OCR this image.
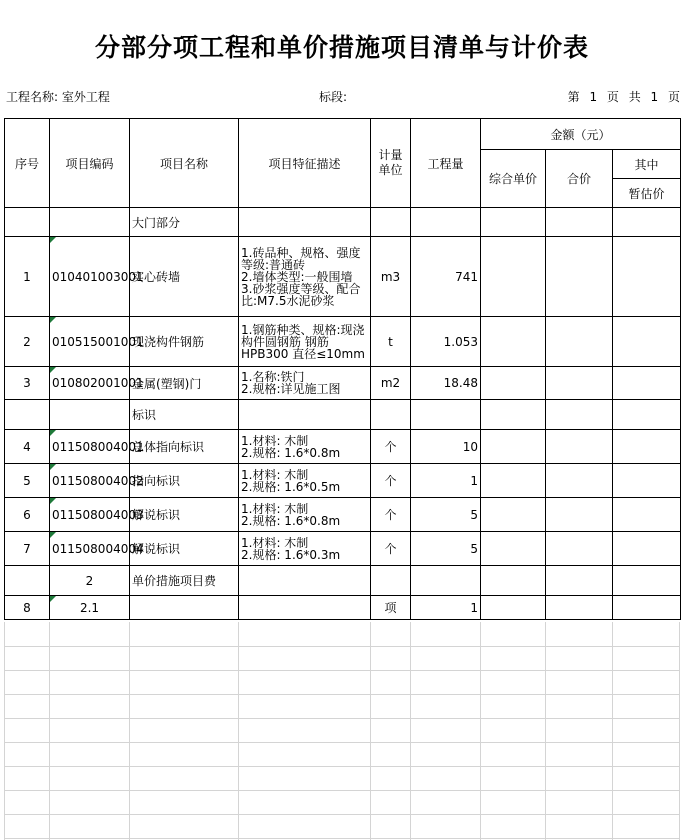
分部分项工程和单价措施项目清单与计价表
工程名称: 室外工程	标段:	第 1 页 共 1 页
序号	项目编码	项目名称	项目特征描述	计量单位	工程量	金额（元）		
						综合单价	合价	其中
								暂估价
		大门部分						
1	010401003001	实心砖墙	1.砖品种、规格、强度
等级:普通砖
2.墙体类型:一般围墙
3.砂浆强度等级、配合
比:M7.5水泥砂浆	m3	741			
2	010515001001	现浇构件钢筋	1.钢筋种类、规格:现浇
构件圆钢筋 钢筋
HPB300 直径≤10mm	t	1.053			
3	010802001001	金属(塑钢)门	1.名称:铁门
2.规格:详见施工图	m2	18.48			
		标识						
4	011508004001	总体指向标识	1.材料: 木制
2.规格: 1.6*0.8m	个	10			
5	011508004002	指向标识	1.材料: 木制
2.规格: 1.6*0.5m	个	1			
6	011508004003	解说标识	1.材料: 木制
2.规格: 1.6*0.8m	个	5			
7	011508004004	解说标识	1.材料: 木制
2.规格: 1.6*0.3m	个	5			
	2	单价措施项目费						
8	2.1			项	1			
